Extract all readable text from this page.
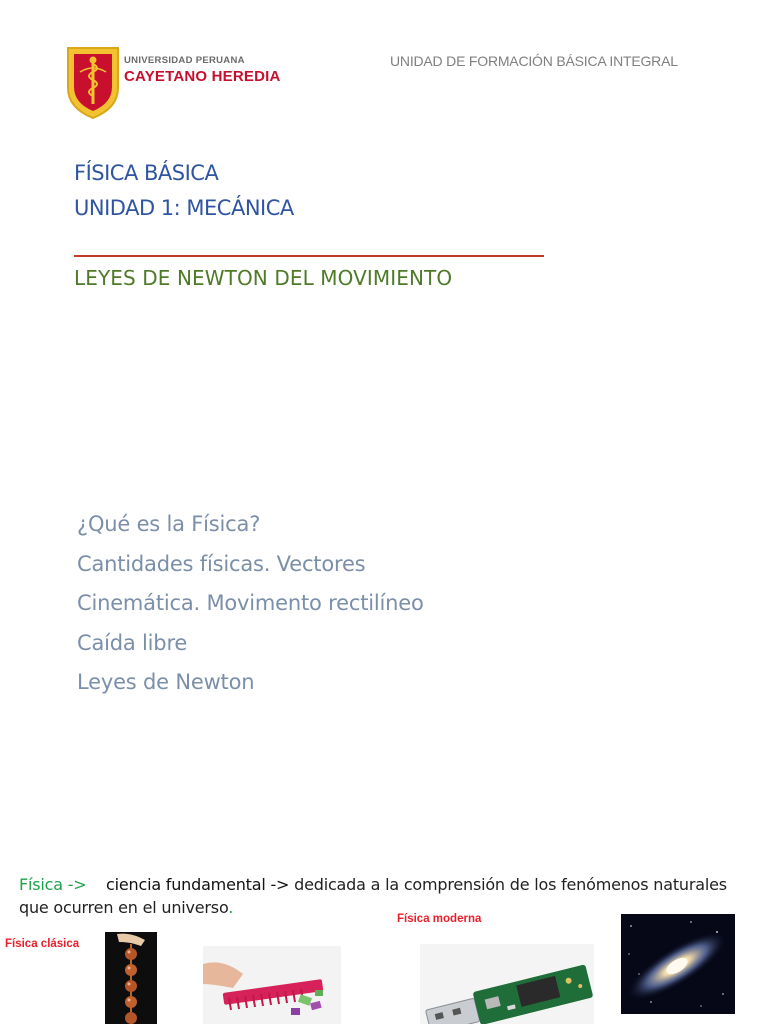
UNIVERSIDAD PERUANA
CAYETANO HEREDIA
UNIDAD DE FORMACIÓN BÁSICA INTEGRAL
FÍSICA BÁSICA
UNIDAD 1: MECÁNICA
LEYES DE NEWTON DEL MOVIMIENTO
¿Qué es la Física?
Cantidades físicas. Vectores
Cinemática. Movimento rectilíneo
Caída libre
Leyes de Newton

Física -> ciencia fundamental -> dedicada a la comprensión de los fenómenos naturales que ocurren en el universo.

Física clásica
Física moderna
